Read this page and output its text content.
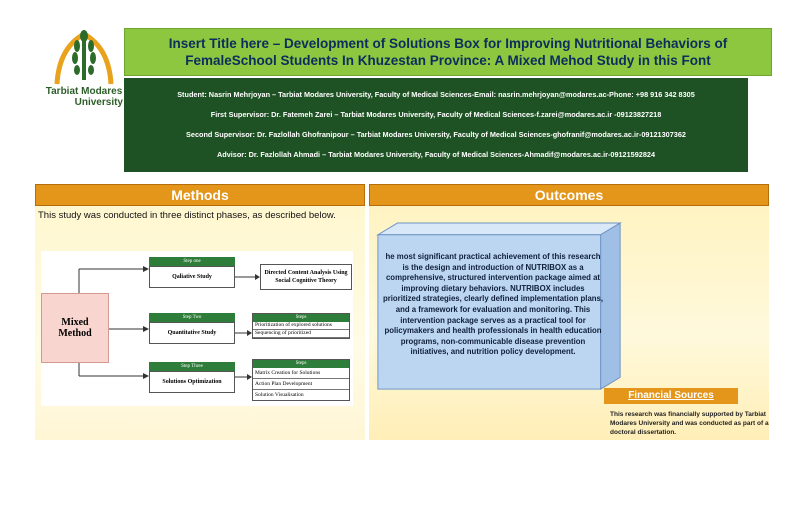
Tarbiat Modares
University
Insert Title here – Development of Solutions Box for Improving Nutritional Behaviors of
FemaleSchool Students In Khuzestan Province: A Mixed Mehod Study in this Font
Student: Nasrin Mehrjoyan – Tarbiat Modares University, Faculty of Medical Sciences-Email: nasrin.mehrjoyan@modares.ac-Phone: +98 916 342 8305
First Supervisor: Dr. Fatemeh Zarei – Tarbiat Modares University, Faculty of Medical Sciences-f.zarei@modares.ac.ir -09123827218
Second Supervisor: Dr. Fazlollah Ghofranipour – Tarbiat Modares University, Faculty of Medical Sciences-ghofranif@modares.ac.ir-09121307362
Advisor: Dr. Fazlollah Ahmadi – Tarbiat Modares University, Faculty of Medical Sciences-Ahmadif@modares.ac.ir-09121592824
Methods	Outcomes
This study was conducted in three distinct phases, as described below.
Mixed
Method
Step one
Qaliative Study
Directed Content Analysis Using Social Cognitive Theory
Step Two
Quantitative Study
Steps
Prioritization of explored solutions
Sequencing of prioritized
Step Three
Solutions Optimization
Steps
Matrix Creation for Solutions
Action Plan Development
Solution Visualisation
he most significant practical achievement of this research is the design and introduction of NUTRIBOX as a comprehensive, structured intervention package aimed at improving dietary behaviors. NUTRIBOX includes prioritized strategies, clearly defined implementation plans, and a framework for evaluation and monitoring. This intervention package serves as a practical tool for policymakers and health professionals in health education programs, non-communicable disease prevention initiatives, and nutrition policy development.
Financial Sources
This research was financially supported by Tarbiat Modares University and was conducted as part of a doctoral dissertation.
